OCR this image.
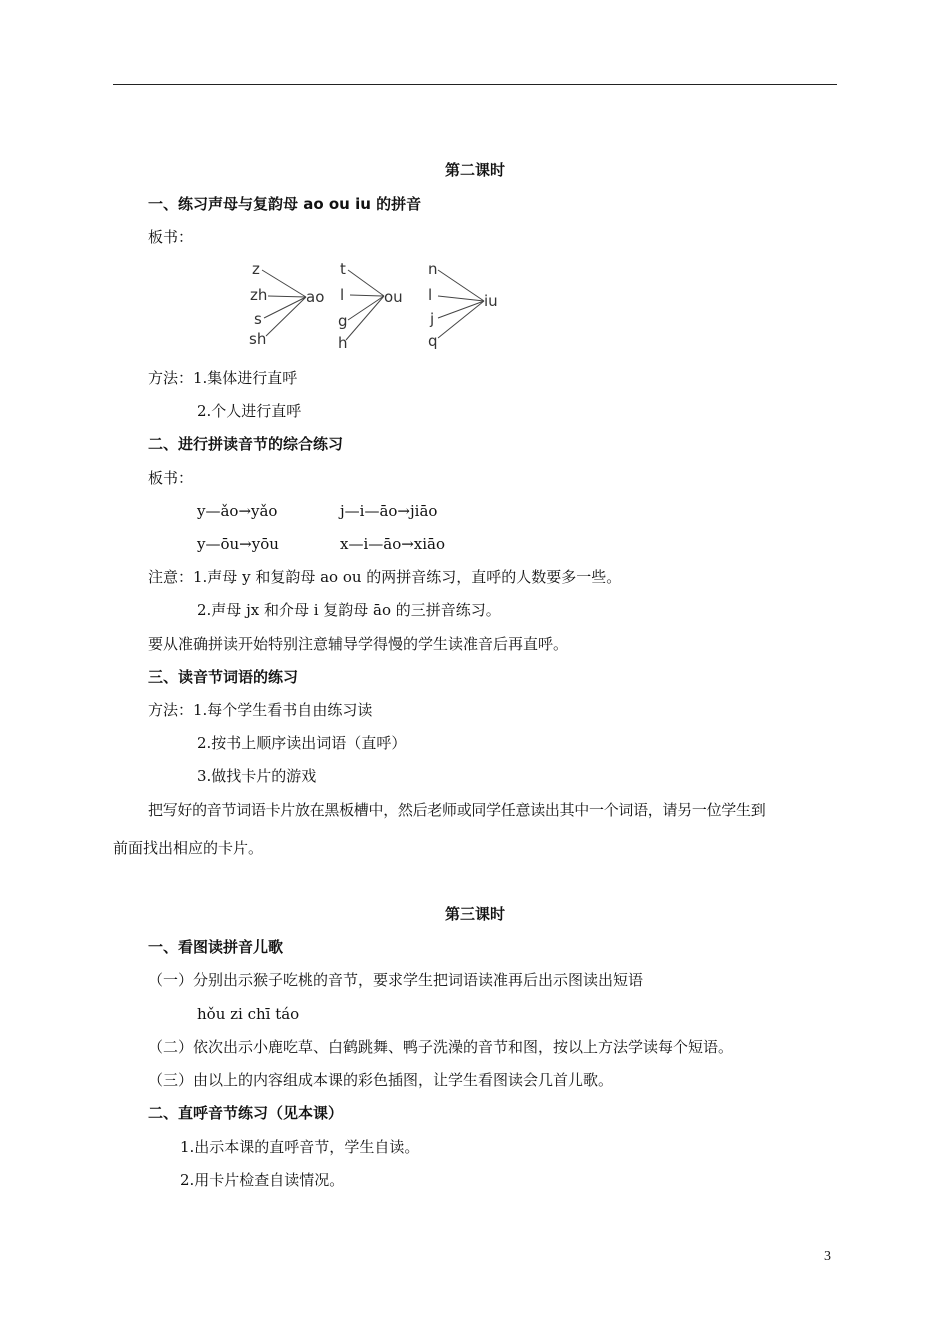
第二课时
一、练习声母与复韵母 ao ou iu 的拼音
板书：
z
zh
s
sh
ao
t
l
g
h
ou
n
l
j
q
iu
方法：1.集体进行直呼
2.个人进行直呼
二、进行拼读音节的综合练习
板书：
y—ǎo→yǎo	j—i—āo→jiāo
y—ōu→yōu	x—i—āo→xiāo
注意：1.声母 y 和复韵母 ao ou 的两拼音练习，直呼的人数要多一些。
2.声母 jx 和介母 i 复韵母 āo 的三拼音练习。
要从准确拼读开始特别注意辅导学得慢的学生读准音后再直呼。
三、读音节词语的练习
方法：1.每个学生看书自由练习读
2.按书上顺序读出词语（直呼）
3.做找卡片的游戏
把写好的音节词语卡片放在黑板槽中，然后老师或同学任意读出其中一个词语，请另一位学生到
前面找出相应的卡片。
第三课时
一、看图读拼音儿歌
（一）分别出示猴子吃桃的音节，要求学生把词语读准再后出示图读出短语
hǒu zi chī táo
（二）依次出示小鹿吃草、白鹤跳舞、鸭子洗澡的音节和图，按以上方法学读每个短语。
（三）由以上的内容组成本课的彩色插图，让学生看图读会几首儿歌。
二、直呼音节练习（见本课）
1.出示本课的直呼音节，学生自读。
2.用卡片检查自读情况。
3
